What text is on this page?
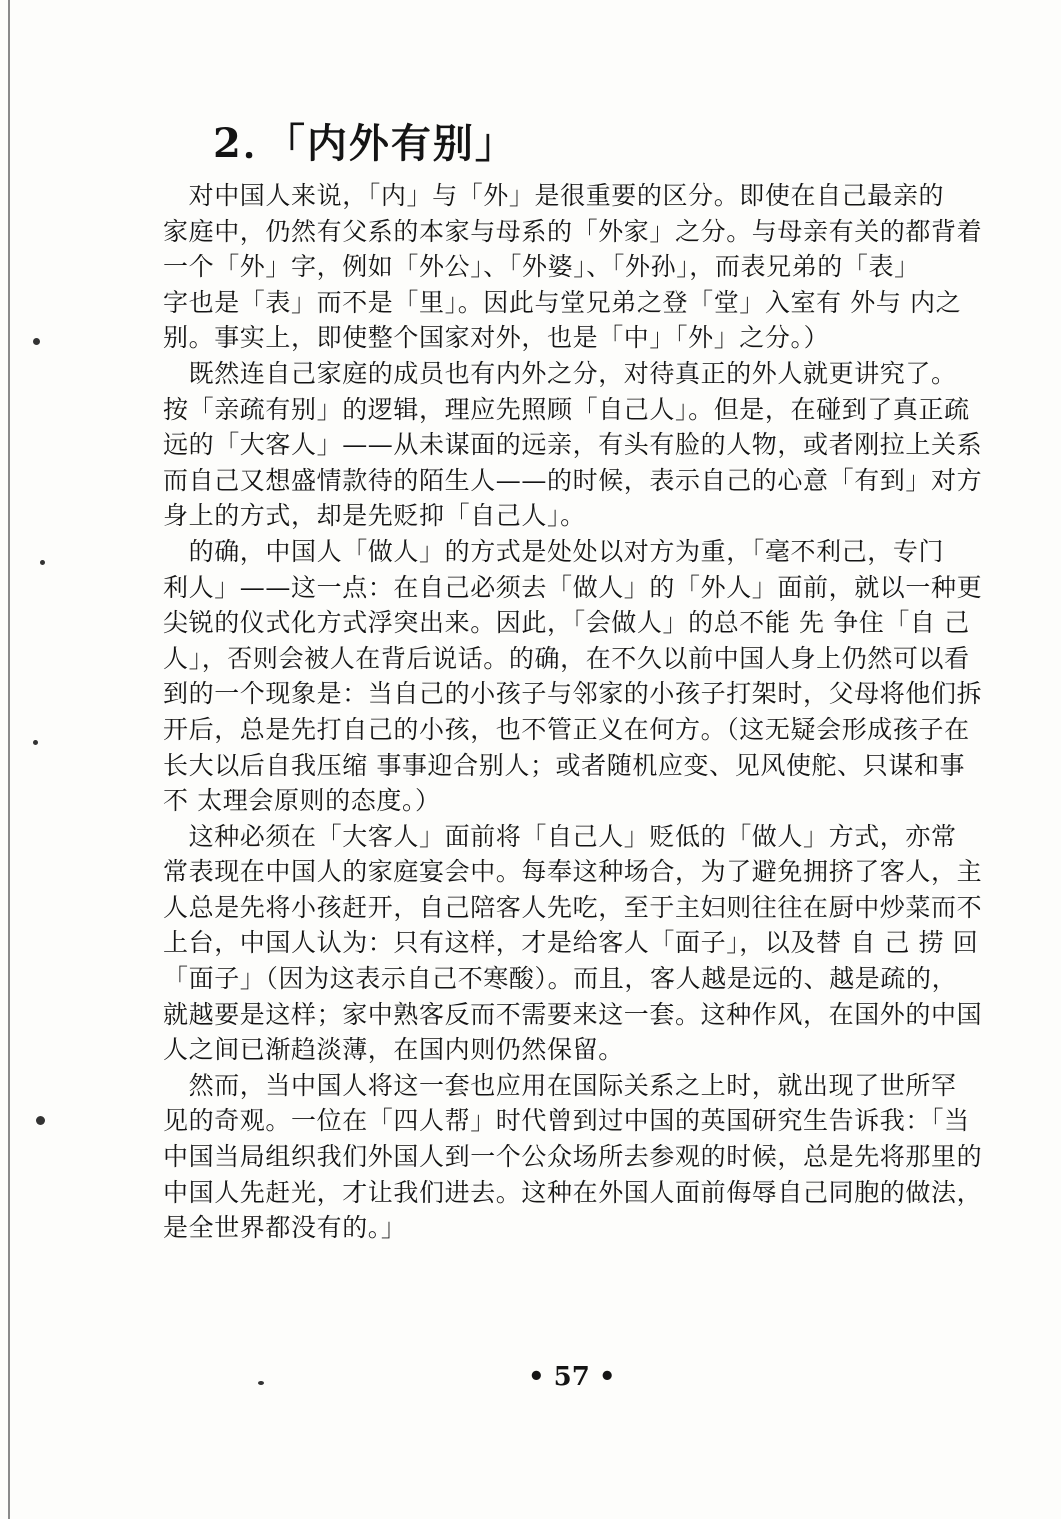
2．「内外有别」
　对中国人来说，「内」与「外」是很重要的区分。即使在自己最亲的
家庭中，仍然有父系的本家与母系的「外家」之分。与母亲有关的都背着
一个「外」字，例如「外公」、「外婆」、「外孙」，而表兄弟的「表」
字也是「表」而不是「里」。因此与堂兄弟之登「堂」入室有 外与 内之
别。事实上，即使整个国家对外，也是「中」「外」之分。）
　既然连自己家庭的成员也有内外之分，对待真正的外人就更讲究了。
按「亲疏有别」的逻辑，理应先照顾「自己人」。但是，在碰到了真正疏
远的「大客人」——从未谋面的远亲，有头有脸的人物，或者刚拉上关系
而自己又想盛情款待的陌生人——的时候，表示自己的心意「有到」对方
身上的方式，却是先贬抑「自己人」。
　的确，中国人「做人」的方式是处处以对方为重，「毫不利己，专门
利人」——这一点：在自己必须去「做人」的「外人」面前，就以一种更
尖锐的仪式化方式浮突出来。因此，「会做人」的总不能 先 争住「自 己
人」，否则会被人在背后说话。的确，在不久以前中国人身上仍然可以看
到的一个现象是：当自己的小孩子与邻家的小孩子打架时，父母将他们拆
开后，总是先打自己的小孩，也不管正义在何方。（这无疑会形成孩子在
长大以后自我压缩 事事迎合别人；或者随机应变、见风使舵、只谋和事
不 太理会原则的态度。）
　这种必须在「大客人」面前将「自己人」贬低的「做人」方式，亦常
常表现在中国人的家庭宴会中。每奉这种场合，为了避免拥挤了客人，主
人总是先将小孩赶开，自己陪客人先吃，至于主妇则往往在厨中炒菜而不
上台，中国人认为：只有这样，才是给客人「面子」，以及替 自 己 捞 回
「面子」（因为这表示自己不寒酸）。而且，客人越是远的、越是疏的，
就越要是这样；家中熟客反而不需要来这一套。这种作风，在国外的中国
人之间已渐趋淡薄，在国内则仍然保留。
　然而，当中国人将这一套也应用在国际关系之上时，就出现了世所罕
见的奇观。一位在「四人帮」时代曾到过中国的英国研究生告诉我：「当
中国当局组织我们外国人到一个公众场所去参观的时候，总是先将那里的
中国人先赶光，才让我们进去。这种在外国人面前侮辱自己同胞的做法，
是全世界都没有的。」
• 57 •
